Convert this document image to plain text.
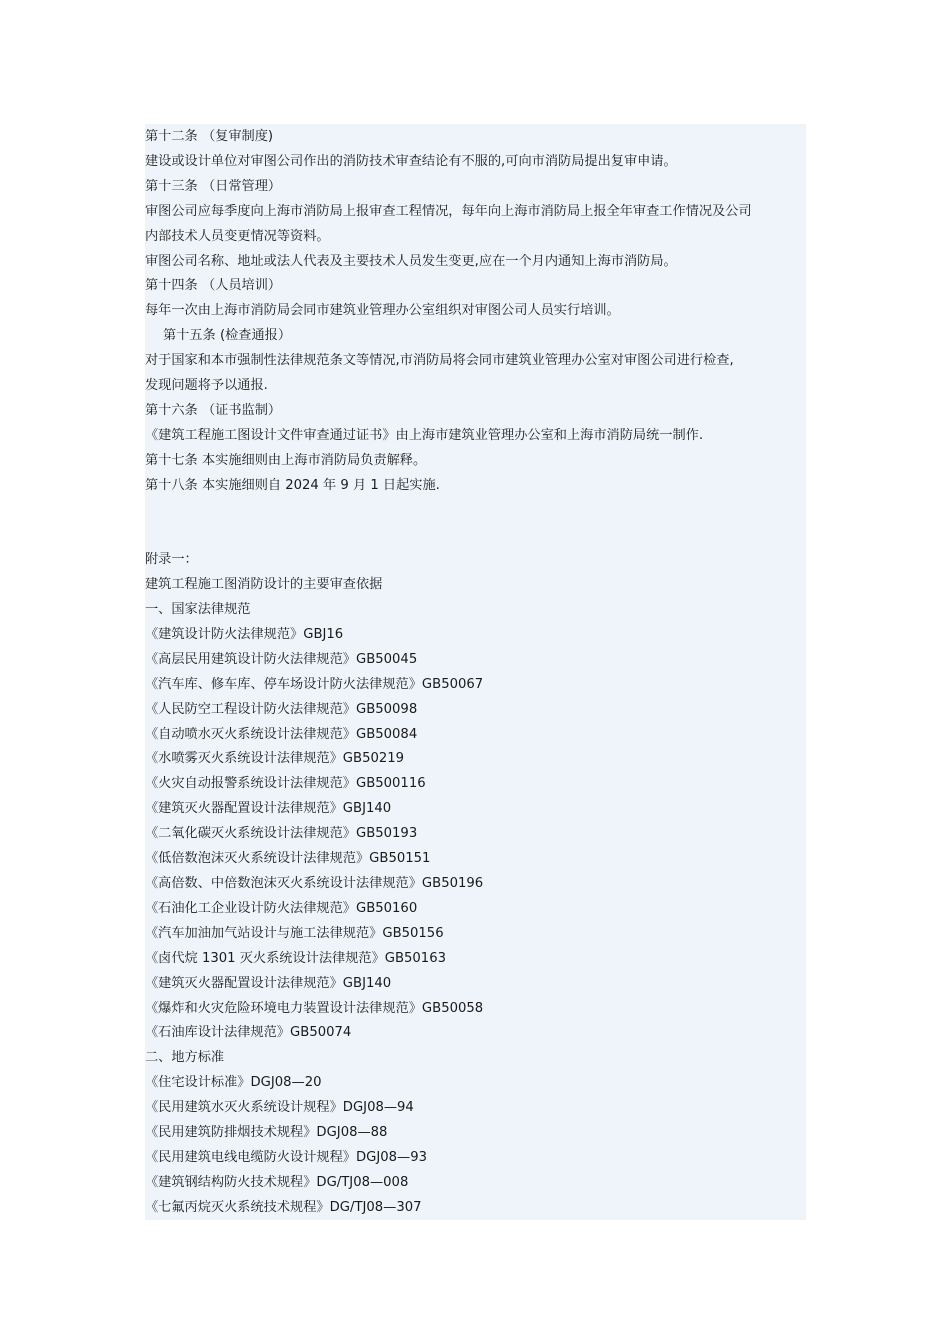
第十二条 （复审制度)
建设或设计单位对审图公司作出的消防技术审查结论有不服的,可向市消防局提出复审申请。
第十三条 （日常管理）
审图公司应每季度向上海市消防局上报审查工程情况，每年向上海市消防局上报全年审查工作情况及公司
内部技术人员变更情况等资料。
审图公司名称、地址或法人代表及主要技术人员发生变更,应在一个月内通知上海市消防局。
第十四条 （人员培训）
每年一次由上海市消防局会同市建筑业管理办公室组织对审图公司人员实行培训。
第十五条 (检查通报）
对于国家和本市强制性法律规范条文等情况,市消防局将会同市建筑业管理办公室对审图公司进行检查,
发现问题将予以通报.
第十六条 （证书监制）
《建筑工程施工图设计文件审查通过证书》由上海市建筑业管理办公室和上海市消防局统一制作.
第十七条 本实施细则由上海市消防局负责解释。
第十八条 本实施细则自 2024 年 9 月 1 日起实施.
附录一：
建筑工程施工图消防设计的主要审查依据
一、国家法律规范
《建筑设计防火法律规范》GBJ16
《高层民用建筑设计防火法律规范》GB50045
《汽车库、修车库、停车场设计防火法律规范》GB50067
《人民防空工程设计防火法律规范》GB50098
《自动喷水灭火系统设计法律规范》GB50084
《水喷雾灭火系统设计法律规范》GB50219
《火灾自动报警系统设计法律规范》GB500116
《建筑灭火器配置设计法律规范》GBJ140
《二氧化碳灭火系统设计法律规范》GB50193
《低倍数泡沫灭火系统设计法律规范》GB50151
《高倍数、中倍数泡沫灭火系统设计法律规范》GB50196
《石油化工企业设计防火法律规范》GB50160
《汽车加油加气站设计与施工法律规范》GB50156
《卤代烷 1301 灭火系统设计法律规范》GB50163
《建筑灭火器配置设计法律规范》GBJ140
《爆炸和火灾危险环境电力装置设计法律规范》GB50058
《石油库设计法律规范》GB50074
二、地方标准
《住宅设计标准》DGJ08—20
《民用建筑水灭火系统设计规程》DGJ08—94
《民用建筑防排烟技术规程》DGJ08—88
《民用建筑电线电缆防火设计规程》DGJ08—93
《建筑钢结构防火技术规程》DG/TJ08—008
《七氟丙烷灭火系统技术规程》DG/TJ08—307
